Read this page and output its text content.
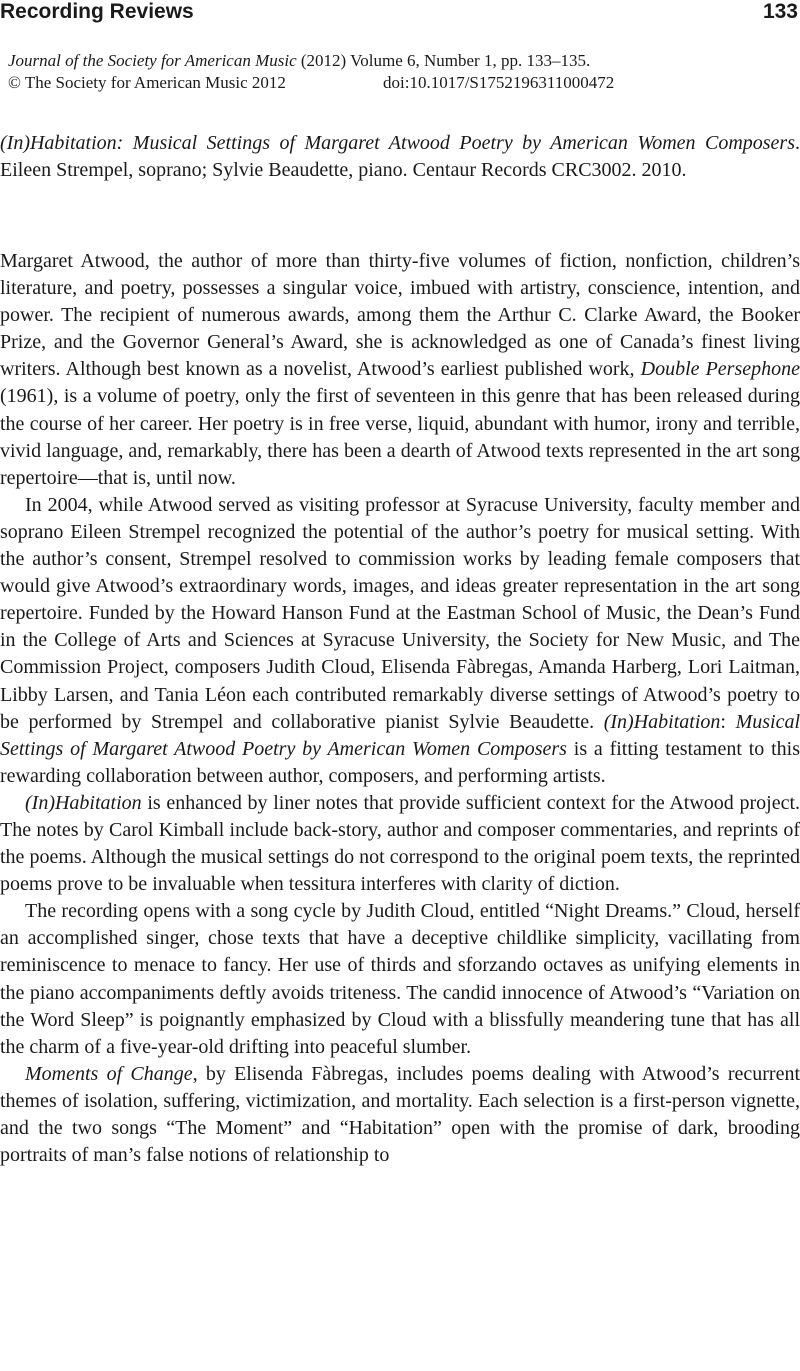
Recording Reviews	133
Journal of the Society for American Music (2012) Volume 6, Number 1, pp. 133–135.
© The Society for American Music 2012	doi:10.1017/S1752196311000472
(In)Habitation: Musical Settings of Margaret Atwood Poetry by American Women Composers. Eileen Strempel, soprano; Sylvie Beaudette, piano. Centaur Records CRC3002. 2010.

Margaret Atwood, the author of more than thirty-five volumes of fiction, nonfiction, children’s literature, and poetry, possesses a singular voice, imbued with artistry, conscience, intention, and power. The recipient of numerous awards, among them the Arthur C. Clarke Award, the Booker Prize, and the Governor General’s Award, she is acknowledged as one of Canada’s finest living writers. Although best known as a novelist, Atwood’s earliest published work, Double Persephone (1961), is a volume of poetry, only the first of seventeen in this genre that has been released during the course of her career. Her poetry is in free verse, liquid, abundant with humor, irony and terrible, vivid language, and, remarkably, there has been a dearth of Atwood texts represented in the art song repertoire—that is, until now.

In 2004, while Atwood served as visiting professor at Syracuse University, faculty member and soprano Eileen Strempel recognized the potential of the author’s poetry for musical setting. With the author’s consent, Strempel resolved to commission works by leading female composers that would give Atwood’s extraordinary words, images, and ideas greater representation in the art song repertoire. Funded by the Howard Hanson Fund at the Eastman School of Music, the Dean’s Fund in the College of Arts and Sciences at Syracuse University, the Society for New Music, and The Commission Project, composers Judith Cloud, Elisenda Fàbregas, Amanda Harberg, Lori Laitman, Libby Larsen, and Tania Léon each contributed remarkably diverse settings of Atwood’s poetry to be performed by Strempel and collaborative pianist Sylvie Beaudette. (In)Habitation: Musical Settings of Margaret Atwood Poetry by American Women Composers is a fitting testament to this rewarding collaboration between author, composers, and performing artists.

(In)Habitation is enhanced by liner notes that provide sufficient context for the Atwood project. The notes by Carol Kimball include back-story, author and composer commentaries, and reprints of the poems. Although the musical settings do not correspond to the original poem texts, the reprinted poems prove to be invaluable when tessitura interferes with clarity of diction.

The recording opens with a song cycle by Judith Cloud, entitled “Night Dreams.” Cloud, herself an accomplished singer, chose texts that have a deceptive childlike simplicity, vacillating from reminiscence to menace to fancy. Her use of thirds and sforzando octaves as unifying elements in the piano accompaniments deftly avoids triteness. The candid innocence of Atwood’s “Variation on the Word Sleep” is poignantly emphasized by Cloud with a blissfully meandering tune that has all the charm of a five-year-old drifting into peaceful slumber.

Moments of Change, by Elisenda Fàbregas, includes poems dealing with Atwood’s recurrent themes of isolation, suffering, victimization, and mortality. Each selection is a first-person vignette, and the two songs “The Moment” and “Habitation” open with the promise of dark, brooding portraits of man’s false notions of relationship to
